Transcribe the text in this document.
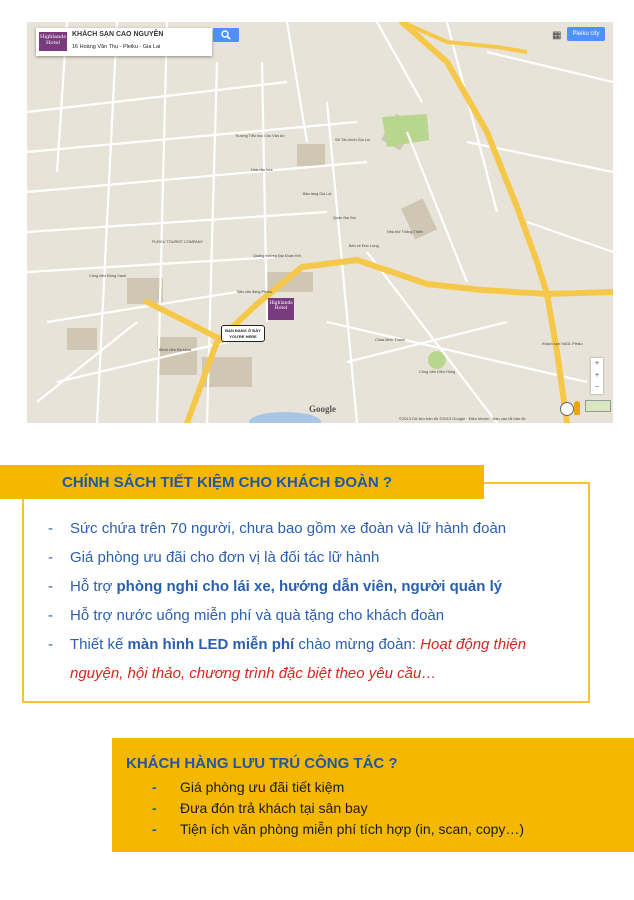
Highlands Hotel
KHÁCH SẠN CAO NGUYÊN
16 Hoàng Văn Thụ - Pleiku - Gia Lai
▦	Pleiku city
Trường Tiểu học Chu Văn An
Nhà văn hóa
Sở Tài chính Gia Lai
Quán Bar Bụi
Bến xe Đức Long
Bảo tàng Gia Lai
PLEIKU TOURIST COMPANY
Công viên Đồng Xanh
Quảng trường Đại Đoàn Kết
Sân vận động Pleiku
Bệnh viện Đa khoa
Chùa Minh Thành
Khách sạn HAGL Pleiku
Công viên Diên Hồng
Nhà thờ Thăng Thiên
Highlands Hotel
BẠN ĐANG Ở ĐÂY
YOU'RE HERE
+
+
−
Google
©2013 Dữ liệu bản đồ ©2013 Google · Điều khoản · Báo cáo lỗi bản đồ
CHÍNH SÁCH TIẾT KIỆM CHO KHÁCH ĐOÀN ?
- Sức chứa trên 70 người, chưa bao gồm xe đoàn và lữ hành đoàn
- Giá phòng ưu đãi cho đơn vị là đối tác lữ hành
- Hỗ trợ phòng nghỉ cho lái xe, hướng dẫn viên, người quản lý
- Hỗ trợ nước uống miễn phí và quà tặng cho khách đoàn
- Thiết kế màn hình LED miễn phí chào mừng đoàn: Hoạt động thiện
nguyện, hội thảo, chương trình đặc biệt theo yêu cầu…
KHÁCH HÀNG LƯU TRÚ CÔNG TÁC ?
- Giá phòng ưu đãi tiết kiệm
- Đưa đón trả khách tại sân bay
- Tiện ích văn phòng miễn phí tích hợp (in, scan, copy…)
